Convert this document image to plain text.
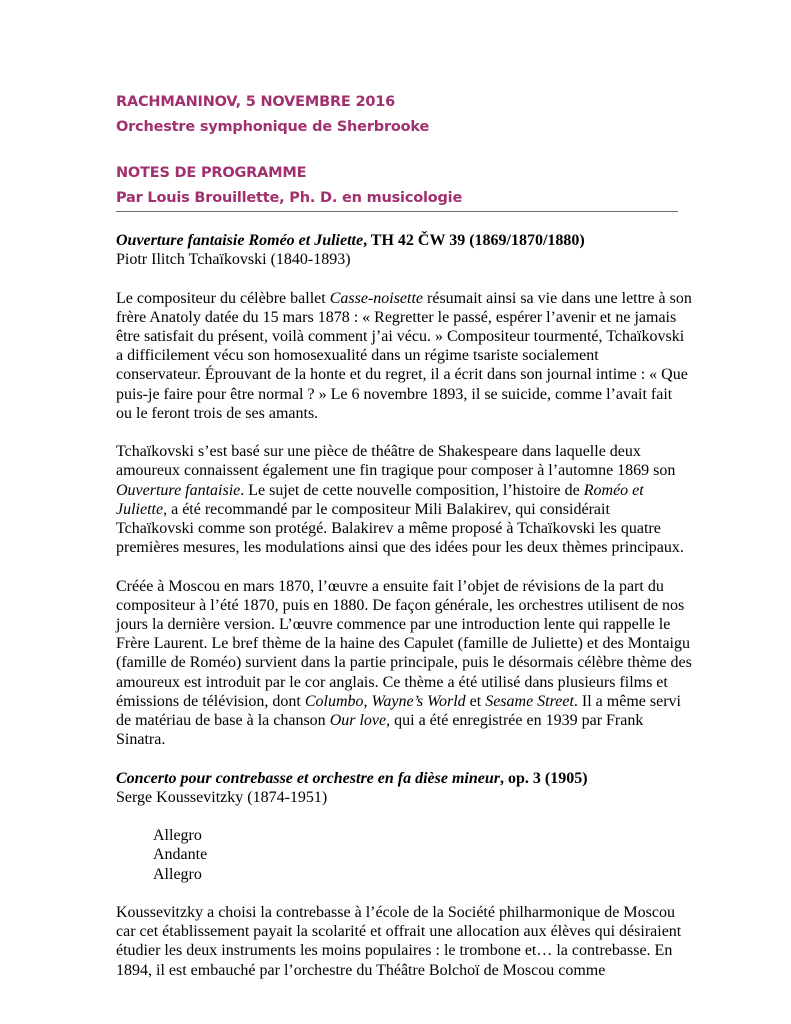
RACHMANINOV, 5 NOVEMBRE 2016
Orchestre symphonique de Sherbrooke
NOTES DE PROGRAMME
Par Louis Brouillette, Ph. D. en musicologie
Ouverture fantaisie Roméo et Juliette, TH 42 ČW 39 (1869/1870/1880)
Piotr Ilitch Tchaïkovski (1840-1893)
Le compositeur du célèbre ballet Casse-noisette résumait ainsi sa vie dans une lettre à son
frère Anatoly datée du 15 mars 1878 : « Regretter le passé, espérer l’avenir et ne jamais
être satisfait du présent, voilà comment j’ai vécu. » Compositeur tourmenté, Tchaïkovski
a difficilement vécu son homosexualité dans un régime tsariste socialement
conservateur. Éprouvant de la honte et du regret, il a écrit dans son journal intime : « Que
puis-je faire pour être normal ? » Le 6 novembre 1893, il se suicide, comme l’avait fait
ou le feront trois de ses amants.
Tchaïkovski s’est basé sur une pièce de théâtre de Shakespeare dans laquelle deux
amoureux connaissent également une fin tragique pour composer à l’automne 1869 son
Ouverture fantaisie. Le sujet de cette nouvelle composition, l’histoire de Roméo et
Juliette, a été recommandé par le compositeur Mili Balakirev, qui considérait
Tchaïkovski comme son protégé. Balakirev a même proposé à Tchaïkovski les quatre
premières mesures, les modulations ainsi que des idées pour les deux thèmes principaux.
Créée à Moscou en mars 1870, l’œuvre a ensuite fait l’objet de révisions de la part du
compositeur à l’été 1870, puis en 1880. De façon générale, les orchestres utilisent de nos
jours la dernière version. L’œuvre commence par une introduction lente qui rappelle le
Frère Laurent. Le bref thème de la haine des Capulet (famille de Juliette) et des Montaigu
(famille de Roméo) survient dans la partie principale, puis le désormais célèbre thème des
amoureux est introduit par le cor anglais. Ce thème a été utilisé dans plusieurs films et
émissions de télévision, dont Columbo, Wayne’s World et Sesame Street. Il a même servi
de matériau de base à la chanson Our love, qui a été enregistrée en 1939 par Frank
Sinatra.
Concerto pour contrebasse et orchestre en fa dièse mineur, op. 3 (1905)
Serge Koussevitzky (1874-1951)
Allegro
Andante
Allegro
Koussevitzky a choisi la contrebasse à l’école de la Société philharmonique de Moscou
car cet établissement payait la scolarité et offrait une allocation aux élèves qui désiraient
étudier les deux instruments les moins populaires : le trombone et… la contrebasse. En
1894, il est embauché par l’orchestre du Théâtre Bolchoï de Moscou comme
